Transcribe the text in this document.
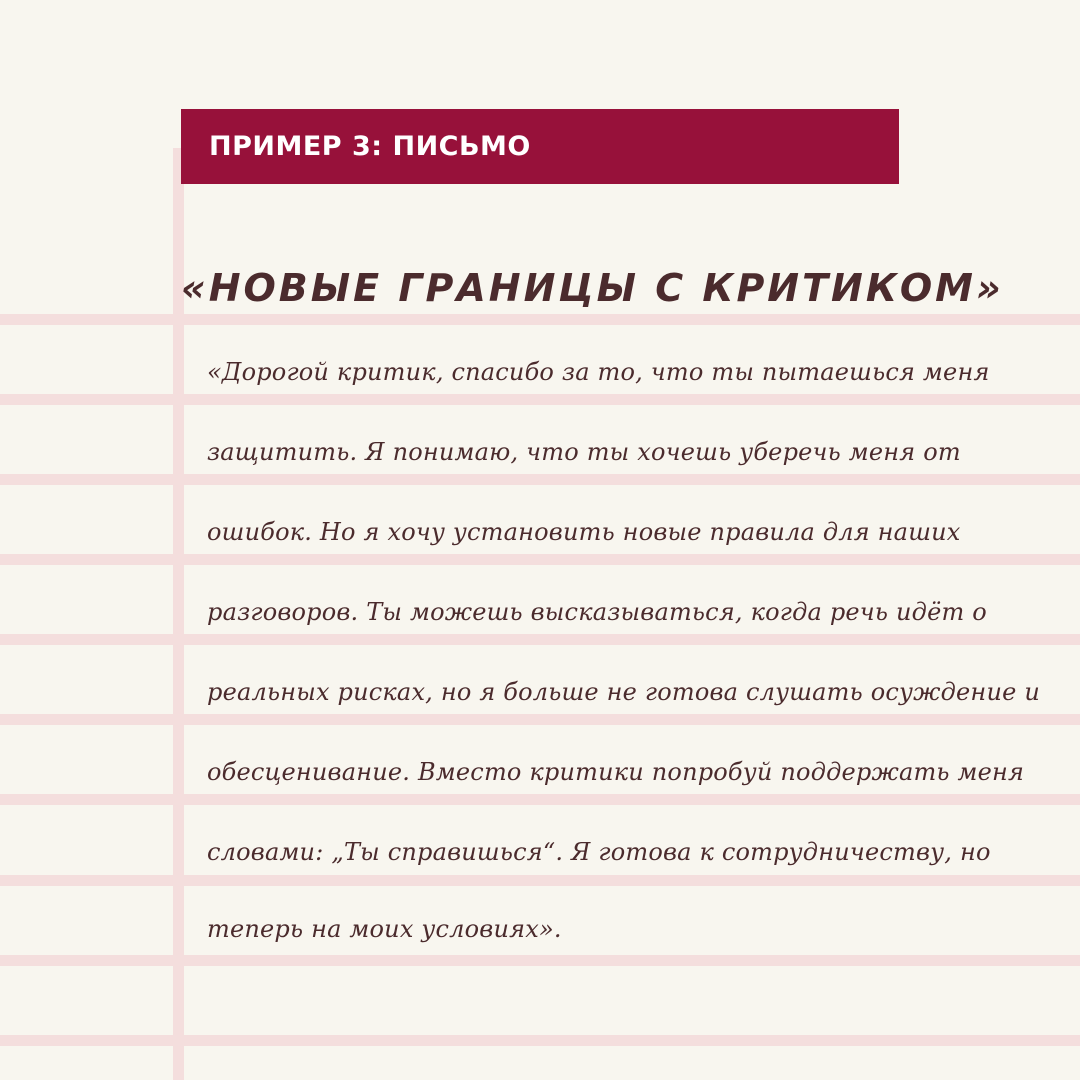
ПРИМЕР 3: ПИСЬМО
«НОВЫЕ ГРАНИЦЫ С КРИТИКОМ»
«Дорогой критик, спасибо за то, что ты пытаешься меня
защитить. Я понимаю, что ты хочешь уберечь меня от
ошибок. Но я хочу установить новые правила для наших
разговоров. Ты можешь высказываться, когда речь идёт о
реальных рисках, но я больше не готова слушать осуждение и
обесценивание. Вместо критики попробуй поддержать меня
словами: „Ты справишься“. Я готова к сотрудничеству, но
теперь на моих условиях».
